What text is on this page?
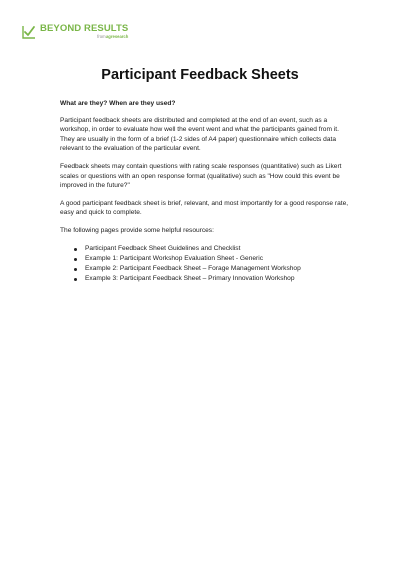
BEYOND RESULTS
from agresearch
Participant Feedback Sheets

What are they? When are they used?

Participant feedback sheets are distributed and completed at the end of an event, such as a workshop, in order to evaluate how well the event went and what the participants gained from it. They are usually in the form of a brief (1-2 sides of A4 paper) questionnaire which collects data relevant to the evaluation of the particular event.

Feedback sheets may contain questions with rating scale responses (quantitative) such as Likert scales or questions with an open response format (qualitative) such as "How could this event be improved in the future?"

A good participant feedback sheet is brief, relevant, and most importantly for a good response rate, easy and quick to complete.

The following pages provide some helpful resources:

Participant Feedback Sheet Guidelines and Checklist
Example 1: Participant Workshop Evaluation Sheet - Generic
Example 2: Participant Feedback Sheet – Forage Management Workshop
Example 3: Participant Feedback Sheet – Primary Innovation Workshop
